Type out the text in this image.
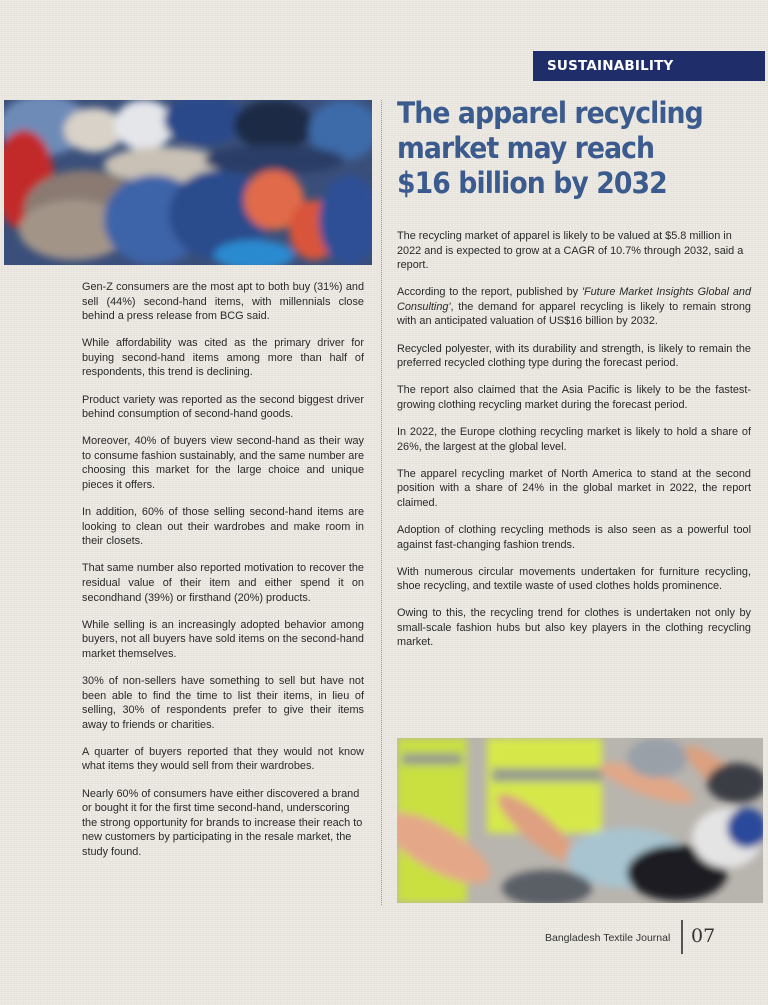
SUSTAINABILITY
The apparel recycling
market may reach
$16 billion by 2032

Gen-Z consumers are the most apt to both buy (31%) and sell (44%) second-hand items, with millennials close behind a press release from BCG said.

While affordability was cited as the primary driver for buying second-hand items among more than half of respondents, this trend is declining.

Product variety was reported as the second biggest driver behind consumption of second-hand goods.

Moreover, 40% of buyers view second-hand as their way to consume fashion sustainably, and the same number are choosing this market for the large choice and unique pieces it offers.

In addition, 60% of those selling second-hand items are looking to clean out their wardrobes and make room in their closets.

That same number also reported motivation to recover the residual value of their item and either spend it on secondhand (39%) or firsthand (20%) products.

While selling is an increasingly adopted behavior among buyers, not all buyers have sold items on the second-hand market themselves.

30% of non-sellers have something to sell but have not been able to find the time to list their items, in lieu of selling, 30% of respondents prefer to give their items away to friends or charities.

A quarter of buyers reported that they would not know what items they would sell from their wardrobes.

Nearly 60% of consumers have either discovered a brand or bought it for the first time second-hand, underscoring the strong opportunity for brands to increase their reach to new customers by participating in the resale market, the study found.

The recycling market of apparel is likely to be valued at $5.8 million in 2022 and is expected to grow at a CAGR of 10.7% through 2032, said a report.

According to the report, published by 'Future Market Insights Global and Consulting', the demand for apparel recycling is likely to remain strong with an anticipated valuation of US$16 billion by 2032.

Recycled polyester, with its durability and strength, is likely to remain the preferred recycled clothing type during the forecast period.

The report also claimed that the Asia Pacific is likely to be the fastest-growing clothing recycling market during the forecast period.

In 2022, the Europe clothing recycling market is likely to hold a share of 26%, the largest at the global level.

The apparel recycling market of North America to stand at the second position with a share of 24% in the global market in 2022, the report claimed.

Adoption of clothing recycling methods is also seen as a powerful tool against fast-changing fashion trends.

With numerous circular movements undertaken for furniture recycling, shoe recycling, and textile waste of used clothes holds prominence.

Owing to this, the recycling trend for clothes is undertaken not only by small-scale fashion hubs but also key players in the clothing recycling market.

Bangladesh Textile Journal 07
